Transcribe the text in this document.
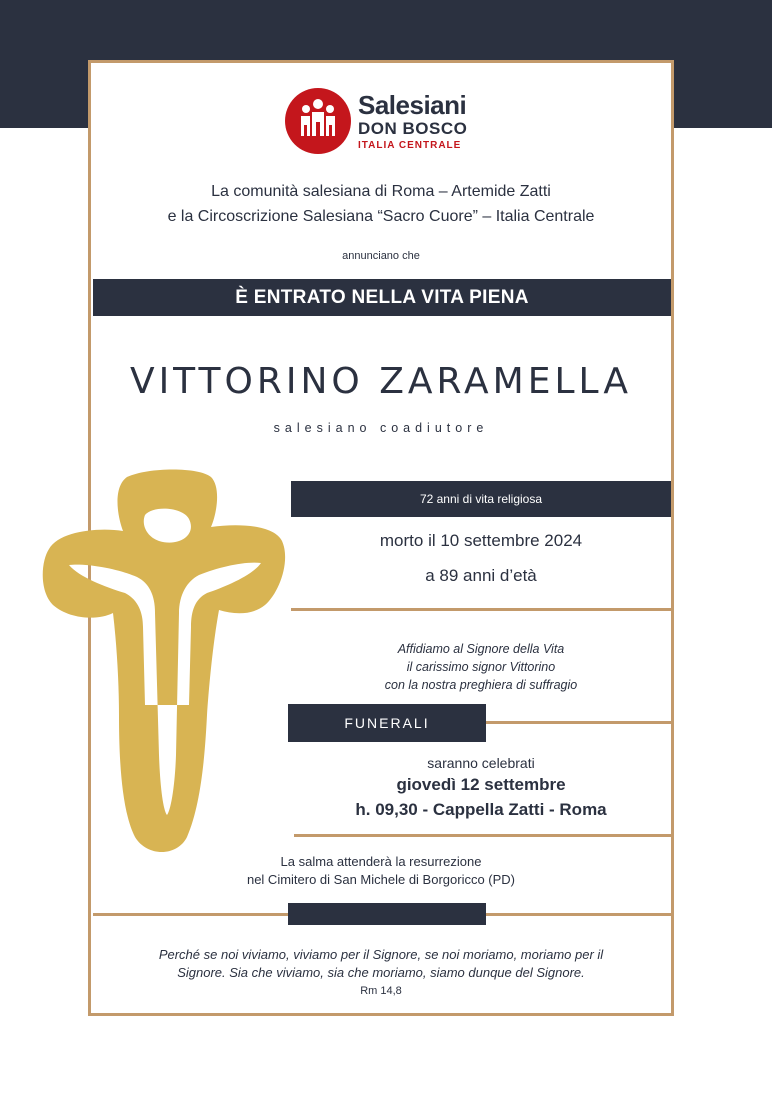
Salesiani
DON BOSCO
ITALIA CENTRALE
La comunità salesiana di Roma – Artemide Zatti
e la Circoscrizione Salesiana “Sacro Cuore” – Italia Centrale
annunciano che
È ENTRATO NELLA VITA PIENA
VITTORINO ZARAMELLA
salesiano coadiutore
72 anni di vita religiosa
morto il 10 settembre 2024
a 89 anni d’età
Affidiamo al Signore della Vita
il carissimo signor Vittorino
con la nostra preghiera di suffragio
FUNERALI
saranno celebrati
giovedì 12 settembre
h. 09,30 - Cappella Zatti - Roma
La salma attenderà la resurrezione
nel Cimitero di San Michele di Borgoricco (PD)
Perché se noi viviamo, viviamo per il Signore, se noi moriamo, moriamo per il
Signore. Sia che viviamo, sia che moriamo, siamo dunque del Signore.
Rm 14,8
